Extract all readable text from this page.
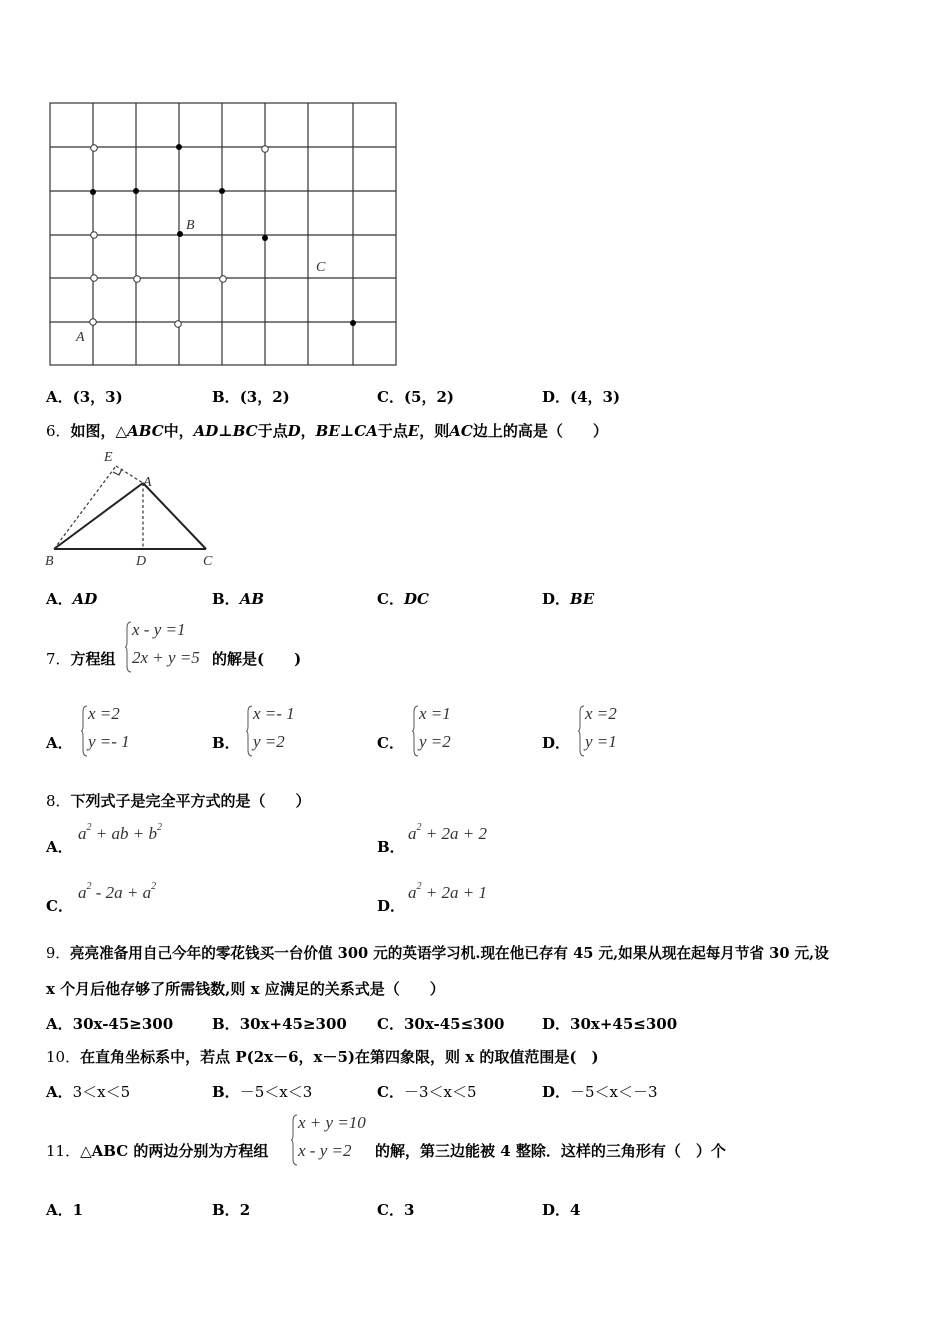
A
B
C
A．(3，3)	B．(3，2)	C．(5，2)	D．(4，3)
6．如图，△ABC中，AD⊥BC于点D，BE⊥CA于点E，则AC边上的高是（　　）
E
A
B	D	C
A．AD	B．AB	C．DC	D．BE
7．方程组
x - y =1
2x + y =5 的解是(　　)
A．
x =2
y =- 1	B．
x =- 1
y =2	C．
x =1
y =2	D．
x =2
y =1
8．下列式子是完全平方式的是（　　）
A．
$a^2$ + ab + $b^2$
B．
$a^2 + 2a + 2$
C．
$a^2 - 2a + a^2$
D．
$a^2 + 2a + 1$
9．亮亮准备用自己今年的零花钱买一台价值 300 元的英语学习机.现在他已存有 45 元,如果从现在起每月节省 30 元,设
x 个月后他存够了所需钱数,则 x 应满足的关系式是（　　）
A．30x-45≥300	B．30x+45≥300 C．30x-45≤300	D．30x+45≤300
10．在直角坐标系中，若点 P(2x－6，x－5)在第四象限，则 x 的取值范围是(　)
A．3＜x＜5	B．－5＜x＜3	C．－3＜x＜5	D．－5＜x＜－3
11．△ABC 的两边分别为方程组
x + y =10
x - y =2 的解，第三边能被 4 整除．这样的三角形有（　）个
A．1	B．2	C．3	D．4
